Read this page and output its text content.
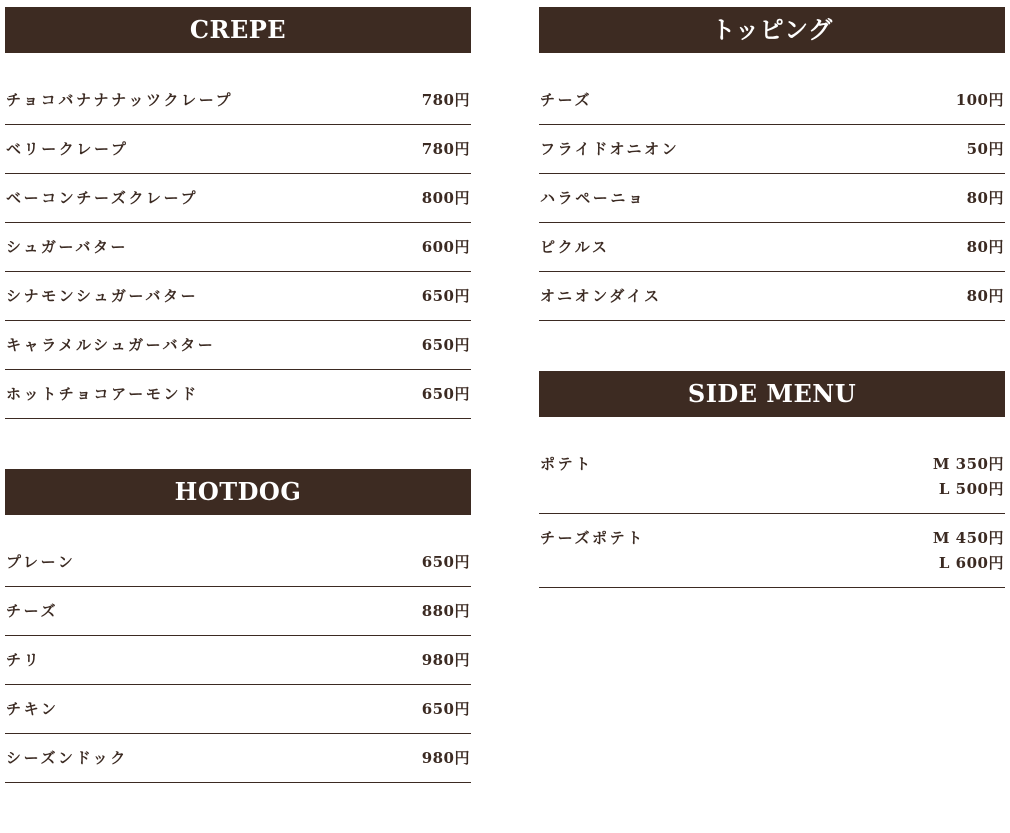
CREPE
チョコバナナナッツクレープ	780円
ベリークレープ	780円
ベーコンチーズクレープ	800円
シュガーバター	600円
シナモンシュガーバター	650円
キャラメルシュガーバター	650円
ホットチョコアーモンド	650円
HOTDOG
プレーン	650円
チーズ	880円
チリ	980円
チキン	650円
シーズンドック	980円
トッピング
チーズ	100円
フライドオニオン	50円
ハラペーニョ	80円
ピクルス	80円
オニオンダイス	80円
SIDE MENU
ポテト	M 350円
L 500円
チーズポテト	M 450円
L 600円
